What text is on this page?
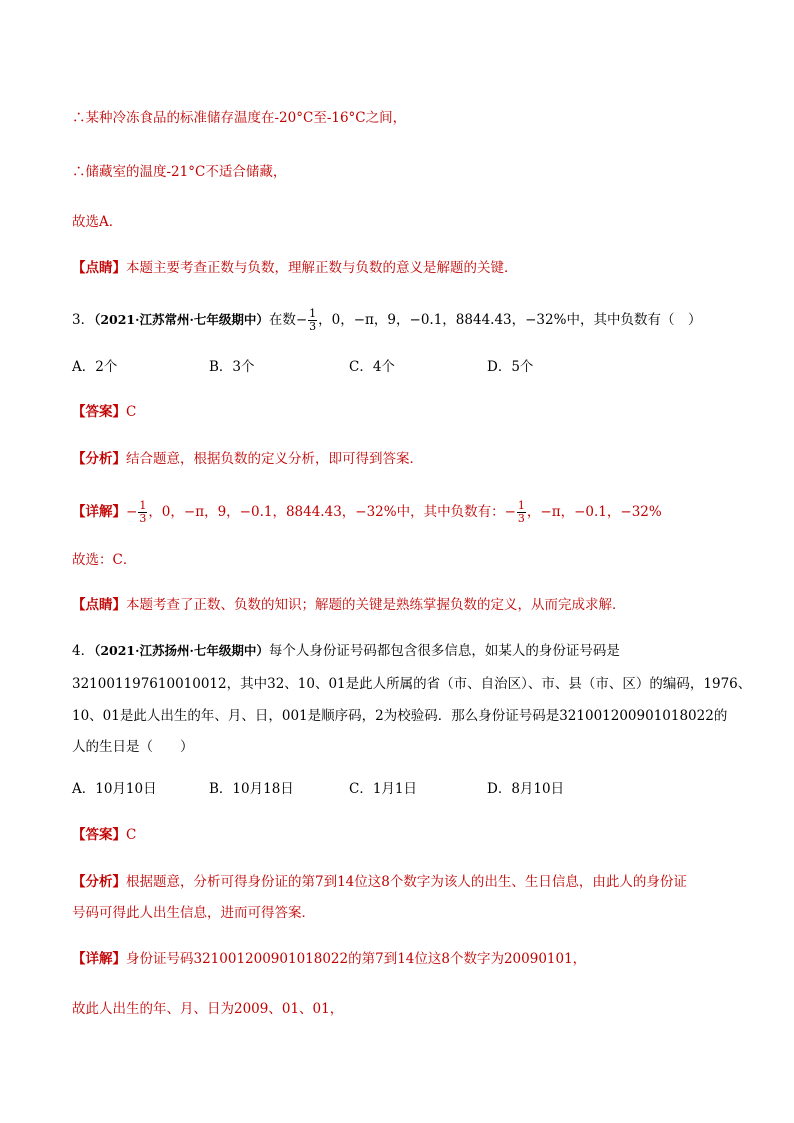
∴某种冷冻食品的标准储存温度在-20°C至-16°C之间，
∴储藏室的温度-21°C不适合储藏，
故选A．
【点睛】本题主要考查正数与负数，理解正数与负数的意义是解题的关键．
3．（2021·江苏常州·七年级期中）在数− $\frac{1}{3}$ ，0，−π，9，−0.1，8844.43，−32%中，其中负数有（　）
A．2个	B．3个	C．4个	D．5个
【答案】C
【分析】结合题意，根据负数的定义分析，即可得到答案．
【详解】− $\frac{1}{3}$ ，0，−π，9，−0.1，8844.43，−32%中，其中负数有：− $\frac{1}{3}$ ，−π，−0.1，−32%
故选：C．
【点睛】本题考查了正数、负数的知识；解题的关键是熟练掌握负数的定义，从而完成求解．
4．（2021·江苏扬州·七年级期中）每个人身份证号码都包含很多信息，如某人的身份证号码是
321001197610010012，其中32、10、01是此人所属的省（市、自治区）、市、县（市、区）的编码，1976、
10、01是此人出生的年、月、日，001是顺序码，2为校验码．那么身份证号码是321001200901018022的
人的生日是（　　）
A．10月10日	B．10月18日	C．1月1日	D．8月10日
【答案】C
【分析】根据题意，分析可得身份证的第7到14位这8个数字为该人的出生、生日信息，由此人的身份证
号码可得此人出生信息，进而可得答案．
【详解】身份证号码321001200901018022的第7到14位这8个数字为20090101，
故此人出生的年、月、日为2009、01、01，
